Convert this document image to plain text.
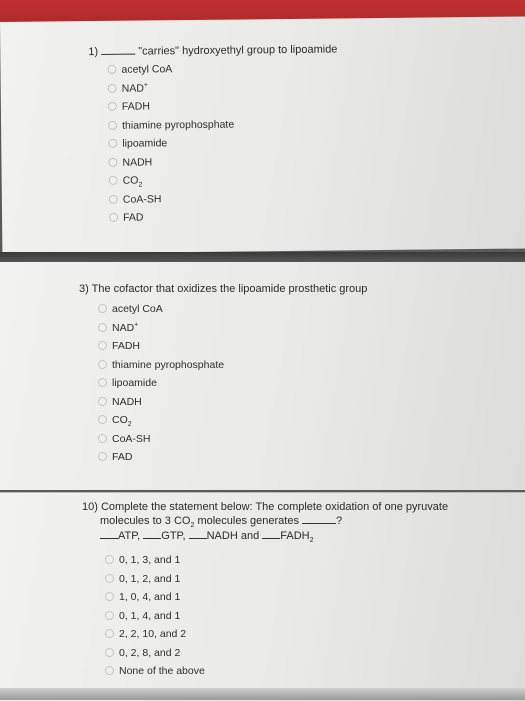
1)	"carries" hydroxyethyl group to lipoamide
acetyl CoA
NAD+
FADH
thiamine pyrophosphate
lipoamide
NADH
$CO_2$
CoA-SH
FAD
3) The cofactor that oxidizes the lipoamide prosthetic group
acetyl CoA
NAD+
FADH
thiamine pyrophosphate
lipoamide
NADH
$CO_2$
CoA-SH
FAD
10) Complete the statement below: The complete oxidation of one pyruvate
molecules to 3 $CO_2$ molecules generates	?
ATP, GTP, NADH and $FADH_2$
0, 1, 3, and 1
0, 1, 2, and 1
1, 0, 4, and 1
0, 1, 4, and 1
2, 2, 10, and 2
0, 2, 8, and 2
None of the above
